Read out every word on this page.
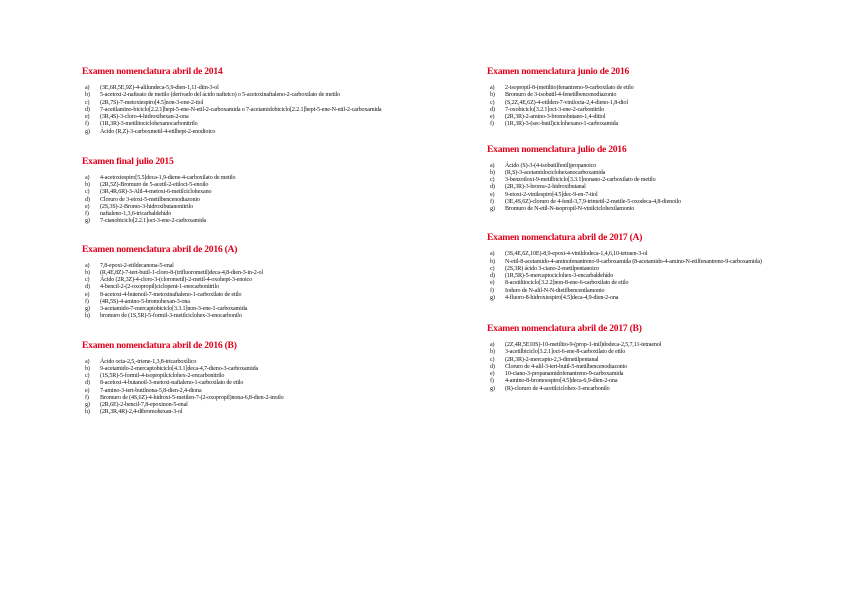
Examen nomenclatura abril de 2014
a) (3E,6R,5E,9Z)-4-alilundeca-5,9-dien-1,11-diin-3-ol
b) 5-acetoxi-2-nafteato de metilo (derivado del ácido nafteico) o 5-acetoxinaftaleno-2-carboxilato de metilo
c) (2R,7S)-7-metoxiespiro[4.5]non-3-ene-2-tiol
d) 7-acetilamino-biciclo[2.2.1]hept-5-ene-N-etil-2-carboxamida o 7-acetamidobiciclo[2.2.1]hept-5-ene-N-etil-2-carboxamida
e) (3R,4S)-3-cloro-4-hidroxihexan-2-ona
f) (1R,3R)-3-metilitociclohexanocarbonitrilo
g) Ácido (R,Z)-3-carboxmetil-4-etilhept-2-enodioico
Examen final julio 2015
a) 4-acetoxiespiro[5.5]deca-1,9-diene-4-carboxilato de metilo
b) (2R,5Z)-Bromuro de 5-acetil-2-etiloct-5-enoilo
c) (3R,4R,6R)-3-Alil-4-metoxi-6-metilciclohexano
d) Cloruro de 3-etoxi-5-metilbencenodiazonio
e) (2S,3S)-2-Bromo-3-hidroxibutanonitrilo
f) naftaleno-1,3,6-tricarbaldehído
g) 7-cianobiciclo[2.2.1]oct-3-ene-2-carboxamida
Examen nomenclatura abril de 2016 (A)
a) 7,8-epoxi-2-etildecanona-5-enal
b) (R,4E,8Z)-7-tert-butil-1-cloro-8-(trifluorometil)deca-4,8-dien-3-in-2-ol
c) Ácido (2R,3Z)-4-cloro-3-(clorometil)-2-metil-4-oxohept-3-enoico
d) 4-bencil-2-(2-oxopropil)ciclopent-1-enocarbonitrilo
e) 8-acetoxi-4-butenoil-7-metoxinaftaleno-1-carboxilato de etilo
f) (4R,5S)-4-amino-5-bromohexan-3-ona
g) 3-acetamido-7-mercaptobiciclo[3.3.1]non-3-ene-1-carboxamida
h) bromuro de (1S,5R)-5-formil-3-metilciclohex-3-enocarbonilo
Examen nomenclatura abril de 2016 (B)
a) Ácido octa-2,5,-triene-1,3,8-tricarboxílico
b) 9-acetamido-2-mercaptobiciclo[4.3.1]deca-4,7-dieno-3-carboxamida
c) (1S,5R)-5-formil-4-isopropilciclohex-2-encarbonitrilo
d) 8-acetoxi-4-butanoil-3-metoxi-naftaleno-1-carboxilato de etilo
e) 7-amino-3-tert-butilnona-5,8-dien-2,4-diona
f) Bromuro de (4S,6Z)-4-hidroxi-5-metilen-7-(2-oxopropil)nona-6,8-dien-2-inoilo
g) (2R,6E)-2-bencil-7,8-epoxinon-5-enal
h) (2R,3R,4R)-2,4-dibromohexan-3-ol
Examen nomenclatura junio de 2016
a) 2-isopropil-8-(metiltio)fenantreno-9-carboxilato de etilo
b) Bromuro de 3-isobutil-4-fenetilbencenodiazonio
c) (S,2Z,4E,6Z)-4-etilden-7-vinilocta-2,4-dieno-1,8-diol
d) 7-oxobiciclo[3.2.1]oct-3-ene-2-carbonitrilo
e) (2R,3R)-2-amino-3-bromobutano-1,4-ditiol
f) (1R,3R)-3-(sec-butil)ciclohexano-1-carboxamida
Examen nomenclatura julio de 2016
a) Ácido (S)-3-(4-isobutilfenil)propanoico
b) (R,S)-3-acetamidociclohexanocarboxamida
c) 3-benzoiloxi-9-metilbiciclo[3.3.1]nonano-2-carboxilato de metilo
d) (2R,3R)-3-bromo-2-hidroxibutanal
e) 9-etoxi-2-vinilespiro[4.5]dec-9-en-7-tiol
f) (3E,4S,6Z)-cloruro de 4-fenil-3,7,9-trimetil-2-metile-5-oxodeca-4,8-dienoilo
g) Bromuro de N-etil-N-isopropil-N-vinilciclohexilamonio
Examen nomenclatura abril de 2017 (A)
a) (3S,4E,6Z,10E)-8,9-epoxi-4-vinildodeca-1,4,6,10-tetraen-3-ol
b) N-etil-8-acetamido-4-aminofenantreno-9-carboxamida (8-acetamido-4-amino-N-etilfenantreno-9-carboxamida)
c) (2S,3R) ácido 3-ciano-2-metilpentanoico
d) (1R,5R)-5-mercaptociclohex-3-encarbaldehído
e) 8-acetiltiociclo[3.2.2]non-8-ene-6-carboxilato de etilo
f) Ioduro de N-alil-N-N-dietilbencenilamonio
g) 4-fluoro-8-hidroxiespiro[4.5]deca-4,9-dien-2-ona
Examen nomenclatura abril de 2017 (B)
a) (2Z,4R,5E10S)-10-metiltio-9-(prop-1-inil)dodeca-2,5,7,11-tetraenol
b) 3-acetilbiciclo[3.2.1]oct-6-ene-8-carboxilato de etilo
c) (2R,3R)-2-mercapto-2,3-dimetilpentanal
d) Cloruro de 4-alil-3-tert-butil-5-metilbencenodiazonio
e) 10-ciano-3-propanamidofenantreno-9-carboxamida
f) 4-amino-8-bromoespiro[4.5]deca-6,9-dien-2-ona
g) (R)-cloruro de 4-acetilciclohex-3-encarbonilo
